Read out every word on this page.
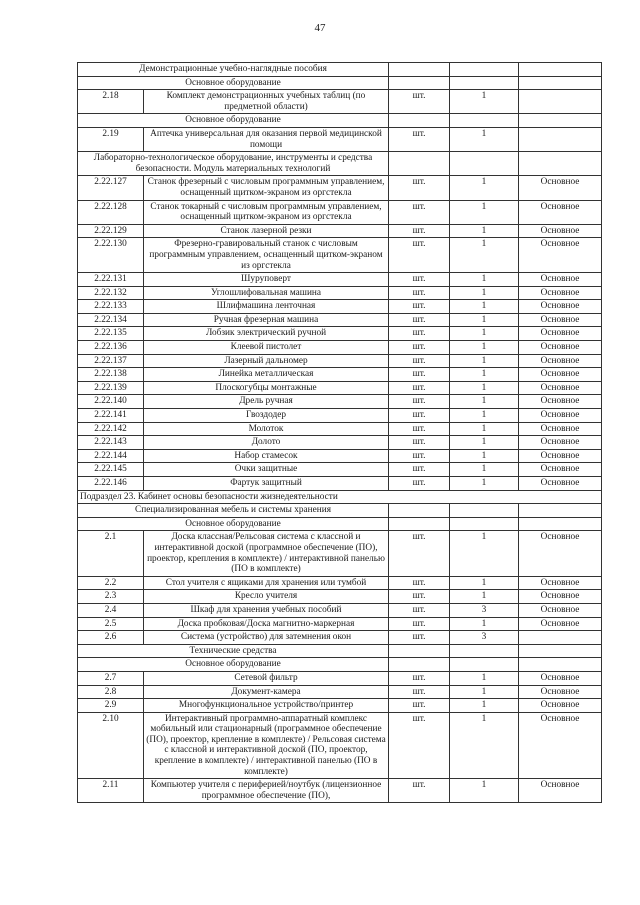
47
Демонстрационные учебно-наглядные пособия				
Основное оборудование				
2.18	Комплект демонстрационных учебных таблиц (по предметной области)	шт.	1	
Основное оборудование				
2.19	Аптечка универсальная для оказания первой медицинской помощи	шт.	1	
Лабораторно-технологическое оборудование, инструменты и средства безопасности. Модуль материальных технологий				
2.22.127	Станок фрезерный с числовым программным управлением, оснащенный щитком-экраном из оргстекла	шт.	1	Основное
2.22.128	Станок токарный с числовым программным управлением, оснащенный щитком-экраном из оргстекла	шт.	1	Основное
2.22.129	Станок лазерной резки	шт.	1	Основное
2.22.130	Фрезерно-гравировальный станок с числовым программным управлением, оснащенный щитком-экраном из оргстекла	шт.	1	Основное
2.22.131	Шуруповерт	шт.	1	Основное
2.22.132	Углошлифовальная машина	шт.	1	Основное
2.22.133	Шлифмашина ленточная	шт.	1	Основное
2.22.134	Ручная фрезерная машина	шт.	1	Основное
2.22.135	Лобзик электрический ручной	шт.	1	Основное
2.22.136	Клеевой пистолет	шт.	1	Основное
2.22.137	Лазерный дальномер	шт.	1	Основное
2.22.138	Линейка металлическая	шт.	1	Основное
2.22.139	Плоскогубцы монтажные	шт.	1	Основное
2.22.140	Дрель ручная	шт.	1	Основное
2.22.141	Гвоздодер	шт.	1	Основное
2.22.142	Молоток	шт.	1	Основное
2.22.143	Долото	шт.	1	Основное
2.22.144	Набор стамесок	шт.	1	Основное
2.22.145	Очки защитные	шт.	1	Основное
2.22.146	Фартук защитный	шт.	1	Основное
Подраздел 23. Кабинет основы безопасности жизнедеятельности				
Специализированная мебель и системы хранения				
Основное оборудование				
2.1	Доска классная/Рельсовая система с классной и интерактивной доской (программное обеспечение (ПО), проектор, крепления в комплекте) / интерактивной панелью (ПО в комплекте)	шт.	1	Основное
2.2	Стол учителя с ящиками для хранения или тумбой	шт.	1	Основное
2.3	Кресло учителя	шт.	1	Основное
2.4	Шкаф для хранения учебных пособий	шт.	3	Основное
2.5	Доска пробковая/Доска магнитно-маркерная	шт.	1	Основное
2.6	Система (устройство) для затемнения окон	шт.	3	
Технические средства				
Основное оборудование				
2.7	Сетевой фильтр	шт.	1	Основное
2.8	Документ-камера	шт.	1	Основное
2.9	Многофункциональное устройство/принтер	шт.	1	Основное
2.10	Интерактивный программно-аппаратный комплекс мобильный или стационарный (программное обеспечение (ПО), проектор, крепление в комплекте) / Рельсовая система с классной и интерактивной доской (ПО, проектор, крепление в комплекте) / интерактивной панелью (ПО в комплекте)	шт.	1	Основное
2.11	Компьютер учителя с периферией/ноутбук (лицензионное программное обеспечение (ПО),	шт.	1	Основное
